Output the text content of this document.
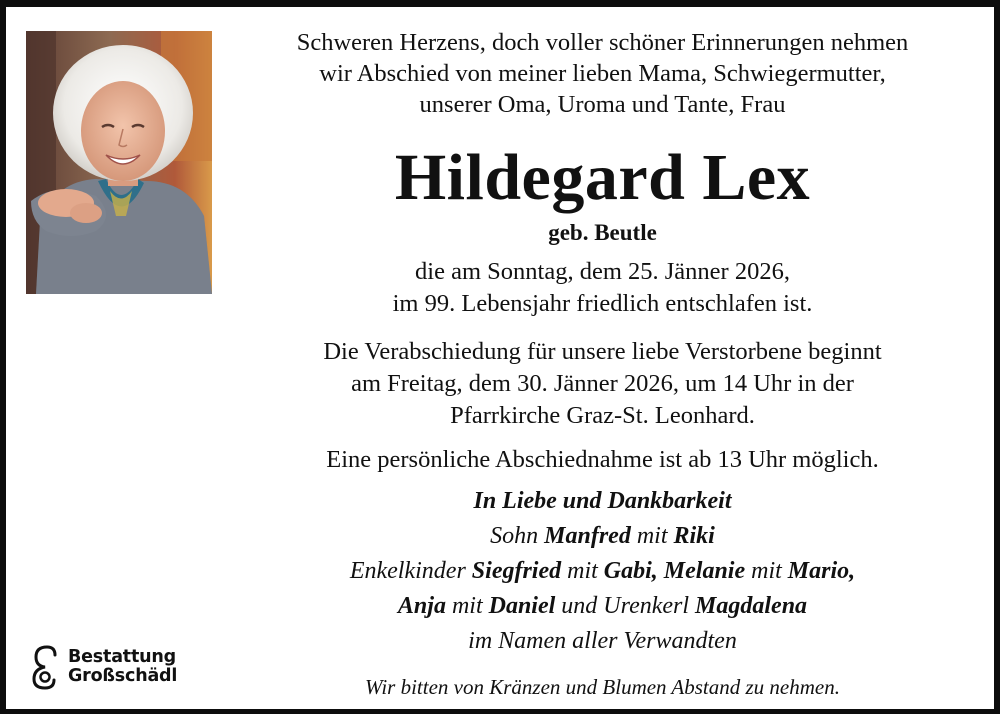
Schweren Herzens, doch voller schöner Erinnerungen nehmen
wir Abschied von meiner lieben Mama, Schwiegermutter,
unserer Oma, Uroma und Tante, Frau
Hildegard Lex
geb. Beutle
die am Sonntag, dem 25. Jänner 2026,
im 99. Lebensjahr friedlich entschlafen ist.
Die Verabschiedung für unsere liebe Verstorbene beginnt
am Freitag, dem 30. Jänner 2026, um 14 Uhr in der
Pfarrkirche Graz-St. Leonhard.
Eine persönliche Abschiednahme ist ab 13 Uhr möglich.
In Liebe und Dankbarkeit
Sohn Manfred mit Riki
Enkelkinder Siegfried mit Gabi, Melanie mit Mario,
Anja mit Daniel und Urenkerl Magdalena
im Namen aller Verwandten
Wir bitten von Kränzen und Blumen Abstand zu nehmen.
Bestattung
Großschädl
